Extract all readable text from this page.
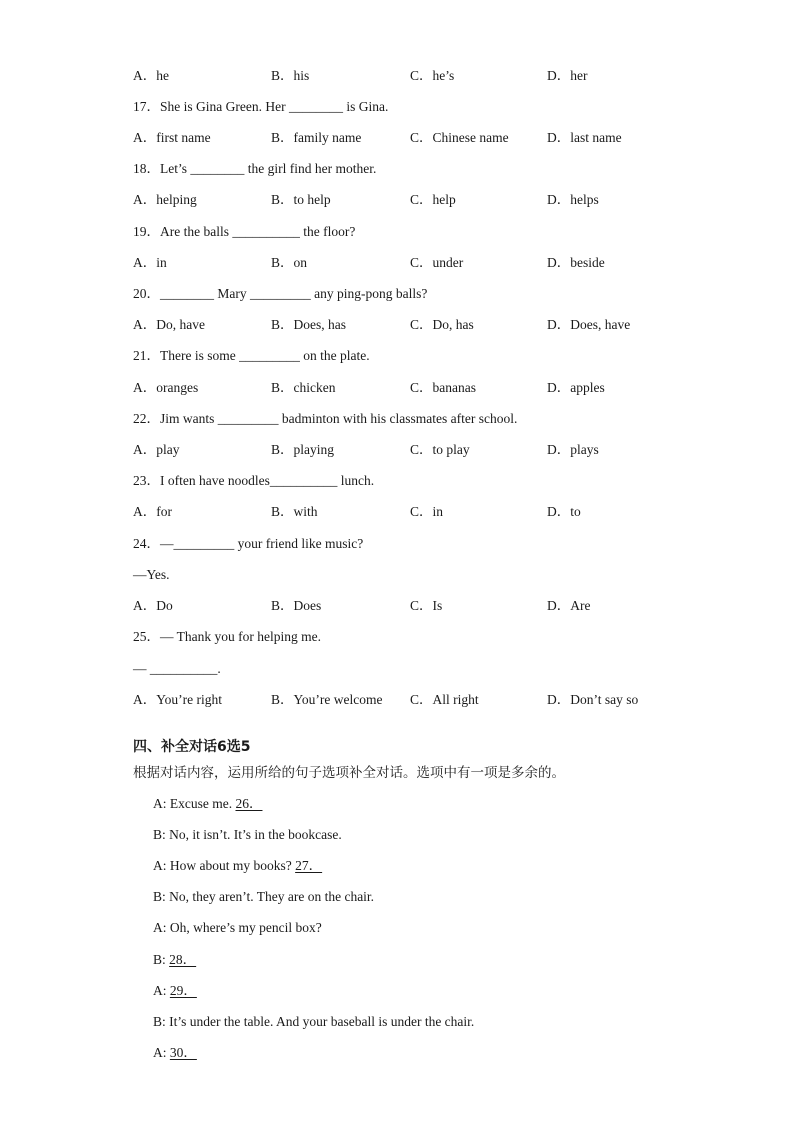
A．he	B．his	C．he’s	D．her
17．She is Gina Green. Her ________ is Gina.
A．first name	B．family name	C．Chinese name	D．last name
18．Let’s ________ the girl find her mother.
A．helping	B．to help	C．help	D．helps
19．Are the balls __________ the floor?
A．in	B．on	C．under	D．beside
20．________ Mary _________ any ping-pong balls?
A．Do, have	B．Does, has	C．Do, has	D．Does, have
21．There is some _________ on the plate.
A．oranges	B．chicken	C．bananas	D．apples
22．Jim wants _________ badminton with his classmates after school.
A．play	B．playing	C．to play	D．plays
23．I often have noodles__________ lunch.
A．for	B．with	C．in	D．to
24．—_________ your friend like music?
—Yes.
A．Do	B．Does	C．Is	D．Are
25．— Thank you for helping me.
— __________.
A．You’re right	B．You’re welcome C．All right	D．Don’t say so
四、补全对话6选5
根据对话内容，运用所给的句子选项补全对话。选项中有一项是多余的。
A: Excuse me. 26．
B: No, it isn’t. It’s in the bookcase.
A: How about my books? 27．
B: No, they aren’t. They are on the chair.
A: Oh, where’s my pencil box?
B: 28．
A: 29．
B: It’s under the table. And your baseball is under the chair.
A: 30．
